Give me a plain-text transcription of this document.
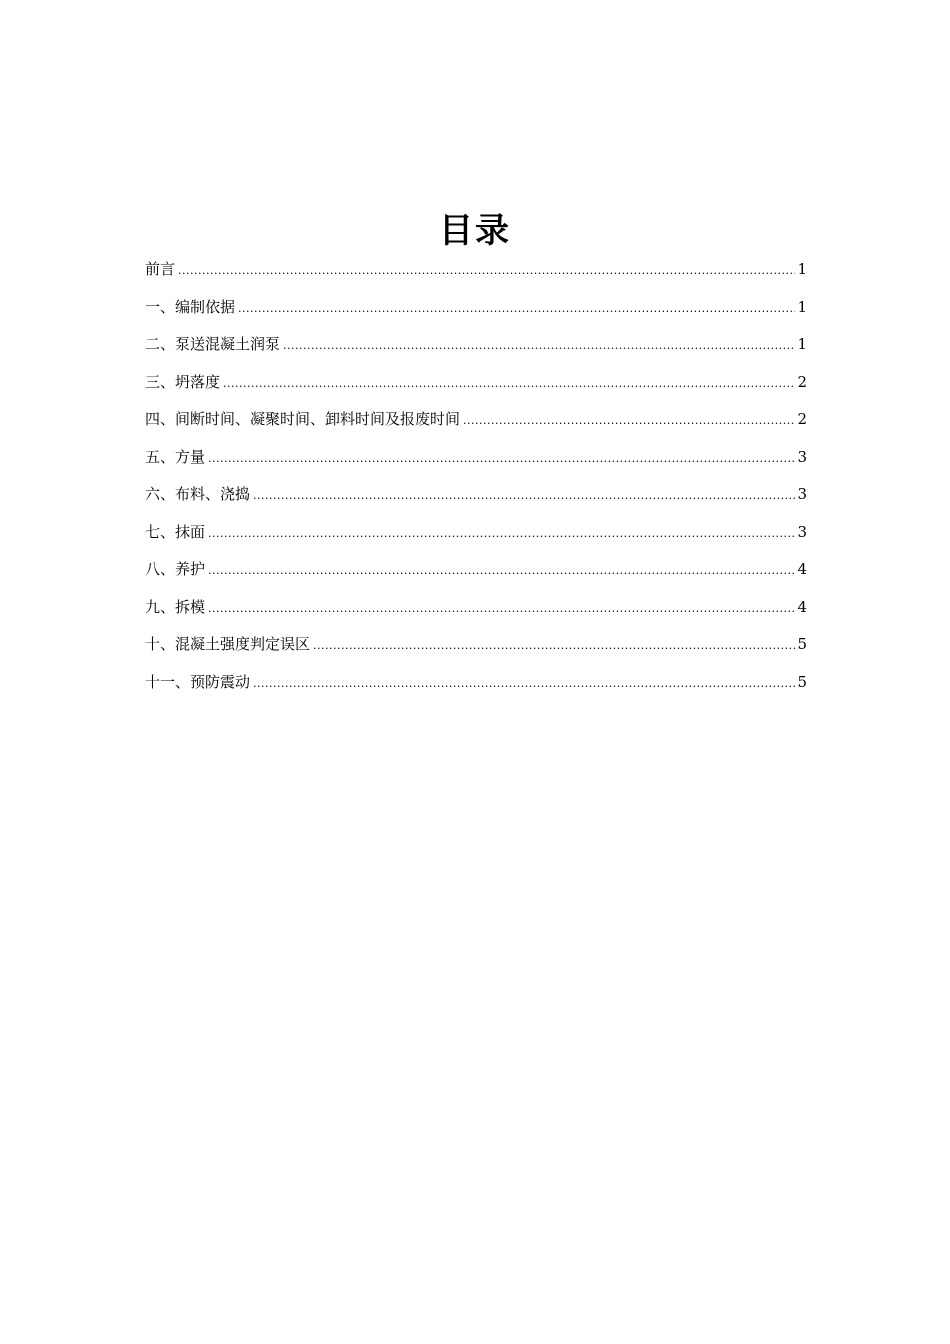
目录
前言 .....	1
一、编制依据 .....	1
二、泵送混凝土润泵 .....	1
三、坍落度 .....	2
四、间断时间、凝聚时间、卸料时间及报废时间 .....	2
五、方量 .....	3
六、布料、浇捣 .....	3
七、抹面 .....	3
八、养护 .....	4
九、拆模 .....	4
十、混凝土强度判定误区 .....	5
十一、预防震动 .....	5
